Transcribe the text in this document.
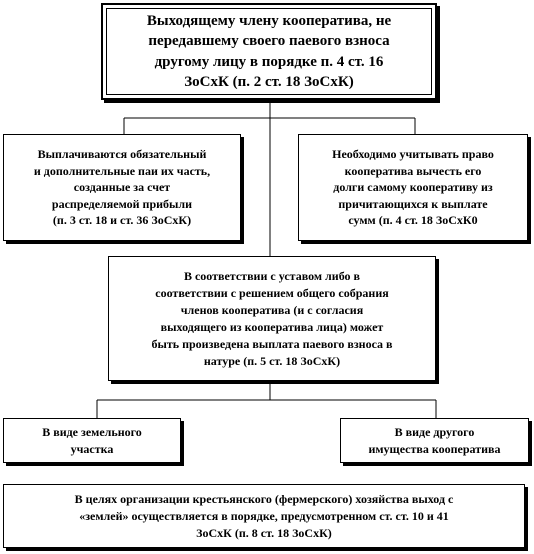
Выходящему члену кооператива, не
передавшему своего паевого взноса
другому лицу в порядке п. 4 ст. 16
ЗоСхК (п. 2 ст. 18 ЗоСхК)
Выплачиваются обязательный
и дополнительные паи их часть,
созданные за счет
распределяемой прибыли
(п. 3 ст. 18 и ст. 36 ЗоСхК)
Необходимо учитывать право
кооператива вычесть его
долги самому кооперативу из
причитающихся к выплате
сумм (п. 4 ст. 18 ЗоСхК0
В соответствии с уставом либо в
соответствии с решением общего собрания
членов кооператива (и с согласия
выходящего из кооператива лица) может
быть произведена выплата паевого взноса в
натуре (п. 5 ст. 18 ЗоСхК)
В виде земельного
участка
В виде другого
имущества кооператива
В целях организации крестьянского (фермерского) хозяйства выход с
«землей» осуществляется в порядке, предусмотренном ст. ст. 10 и 41
ЗоСхК (п. 8 ст. 18 ЗоСхК)
